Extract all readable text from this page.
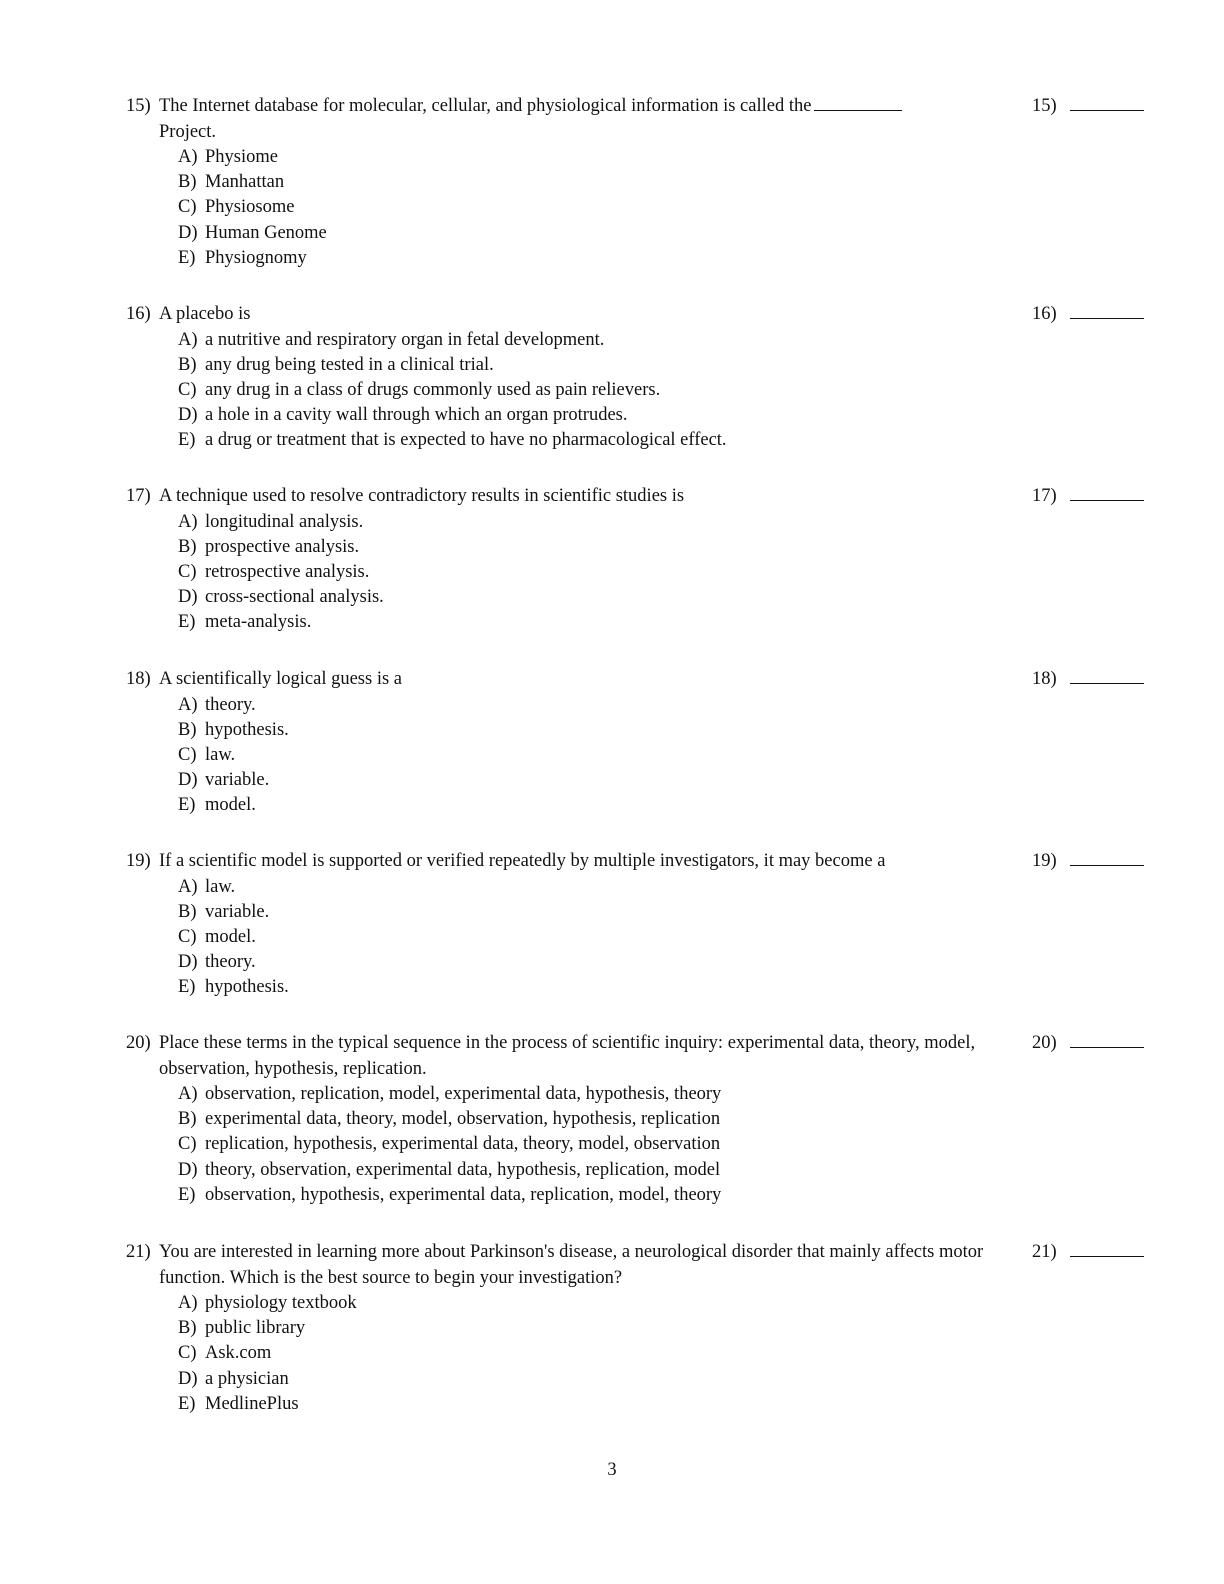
15) The Internet database for molecular, cellular, and physiological information is called the
Project.
15)
A) Physiome
B) Manhattan
C) Physiosome
D) Human Genome
E) Physiognomy
16) A placebo is	16)
A) a nutritive and respiratory organ in fetal development.
B) any drug being tested in a clinical trial.
C) any drug in a class of drugs commonly used as pain relievers.
D) a hole in a cavity wall through which an organ protrudes.
E) a drug or treatment that is expected to have no pharmacological effect.
17) A technique used to resolve contradictory results in scientific studies is	17)
A) longitudinal analysis.
B) prospective analysis.
C) retrospective analysis.
D) cross-sectional analysis.
E) meta-analysis.
18) A scientifically logical guess is a	18)
A) theory.
B) hypothesis.
C) law.
D) variable.
E) model.
19) If a scientific model is supported or verified repeatedly by multiple investigators, it may become a	19)
A) law.
B) variable.
C) model.
D) theory.
E) hypothesis.
20) Place these terms in the typical sequence in the process of scientific inquiry: experimental data, theory, model, observation, hypothesis, replication.
20)
A) observation, replication, model, experimental data, hypothesis, theory
B) experimental data, theory, model, observation, hypothesis, replication
C) replication, hypothesis, experimental data, theory, model, observation
D) theory, observation, experimental data, hypothesis, replication, model
E) observation, hypothesis, experimental data, replication, model, theory
21) You are interested in learning more about Parkinson's disease, a neurological disorder that mainly affects motor function. Which is the best source to begin your investigation?
21)
A) physiology textbook
B) public library
C) Ask.com
D) a physician
E) MedlinePlus
3
